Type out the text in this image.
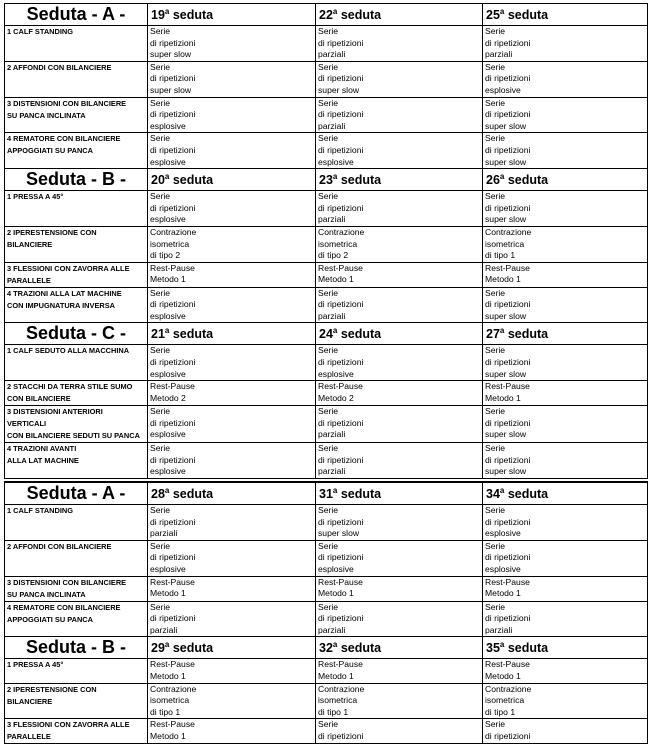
Seduta - A -	19$^a$ seduta	22$^a$ seduta	25$^a$ seduta

1 CALF STANDING	Serie
di ripetizioni
super slow	Serie
di ripetizioni
parziali	Serie
di ripetizioni
parziali

2 AFFONDI CON BILANCIERE	Serie
di ripetizioni
super slow	Serie
di ripetizioni
super slow	Serie
di ripetizioni
esplosive

3 DISTENSIONI CON BILANCIERE
SU PANCA INCLINATA	Serie
di ripetizioni
esplosive	Serie
di ripetizioni
parziali	Serie
di ripetizioni
super slow

4 REMATORE CON BILANCIERE
APPOGGIATI SU PANCA	Serie
di ripetizioni
esplosive	Serie
di ripetizioni
esplosive	Serie
di ripetizioni
super slow

Seduta - B -	20$^a$ seduta	23$^a$ seduta	26$^a$ seduta

1 PRESSA A 45°	Serie
di ripetizioni
esplosive	Serie
di ripetizioni
parziali	Serie
di ripetizioni
super slow

2 IPERESTENSIONE CON
BILANCIERE	Contrazione
isometrica
di tipo 2	Contrazione
isometrica
di tipo 2	Contrazione
isometrica
di tipo 1

3 FLESSIONI CON ZAVORRA ALLE
PARALLELE	Rest-Pause
Metodo 1	Rest-Pause
Metodo 1	Rest-Pause
Metodo 1

4 TRAZIONI ALLA LAT MACHINE
CON IMPUGNATURA INVERSA	Serie
di ripetizioni
esplosive	Serie
di ripetizioni
parziali	Serie
di ripetizioni
super slow

Seduta - C -	21$^a$ seduta	24$^a$ seduta	27$^a$ seduta

1 CALF SEDUTO ALLA MACCHINA	Serie
di ripetizioni
esplosive	Serie
di ripetizioni
esplosive	Serie
di ripetizioni
super slow

2 STACCHI DA TERRA STILE SUMO
CON BILANCIERE	Rest-Pause
Metodo 2	Rest-Pause
Metodo 2	Rest-Pause
Metodo 1

3 DISTENSIONI ANTERIORI
VERTICALI
CON BILANCIERE SEDUTI SU PANCA	Serie
di ripetizioni
esplosive	Serie
di ripetizioni
parziali	Serie
di ripetizioni
super slow

4 TRAZIONI AVANTI
ALLA LAT MACHINE	Serie
di ripetizioni
esplosive	Serie
di ripetizioni
parziali	Serie
di ripetizioni
super slow

Seduta - A -	28$^a$ seduta	31$^a$ seduta	34$^a$ seduta

1 CALF STANDING	Serie
di ripetizioni
parziali	Serie
di ripetizioni
super slow	Serie
di ripetizioni
esplosive

2 AFFONDI CON BILANCIERE	Serie
di ripetizioni
esplosive	Serie
di ripetizioni
esplosive	Serie
di ripetizioni
esplosive

3 DISTENSIONI CON BILANCIERE
SU PANCA INCLINATA	Rest-Pause
Metodo 1	Rest-Pause
Metodo 1	Rest-Pause
Metodo 1

4 REMATORE CON BILANCIERE
APPOGGIATI SU PANCA	Serie
di ripetizioni
parziali	Serie
di ripetizioni
parziali	Serie
di ripetizioni
parziali

Seduta - B -	29$^a$ seduta	32$^a$ seduta	35$^a$ seduta

1 PRESSA A 45°	Rest-Pause
Metodo 1	Rest-Pause
Metodo 1	Rest-Pause
Metodo 1

2 IPERESTENSIONE CON
BILANCIERE	Contrazione
isometrica
di tipo 1	Contrazione
isometrica
di tipo 1	Contrazione
isometrica
di tipo 1

3 FLESSIONI CON ZAVORRA ALLE
PARALLELE	Rest-Pause
Metodo 1	Serie
di ripetizioni	Serie
di ripetizioni
